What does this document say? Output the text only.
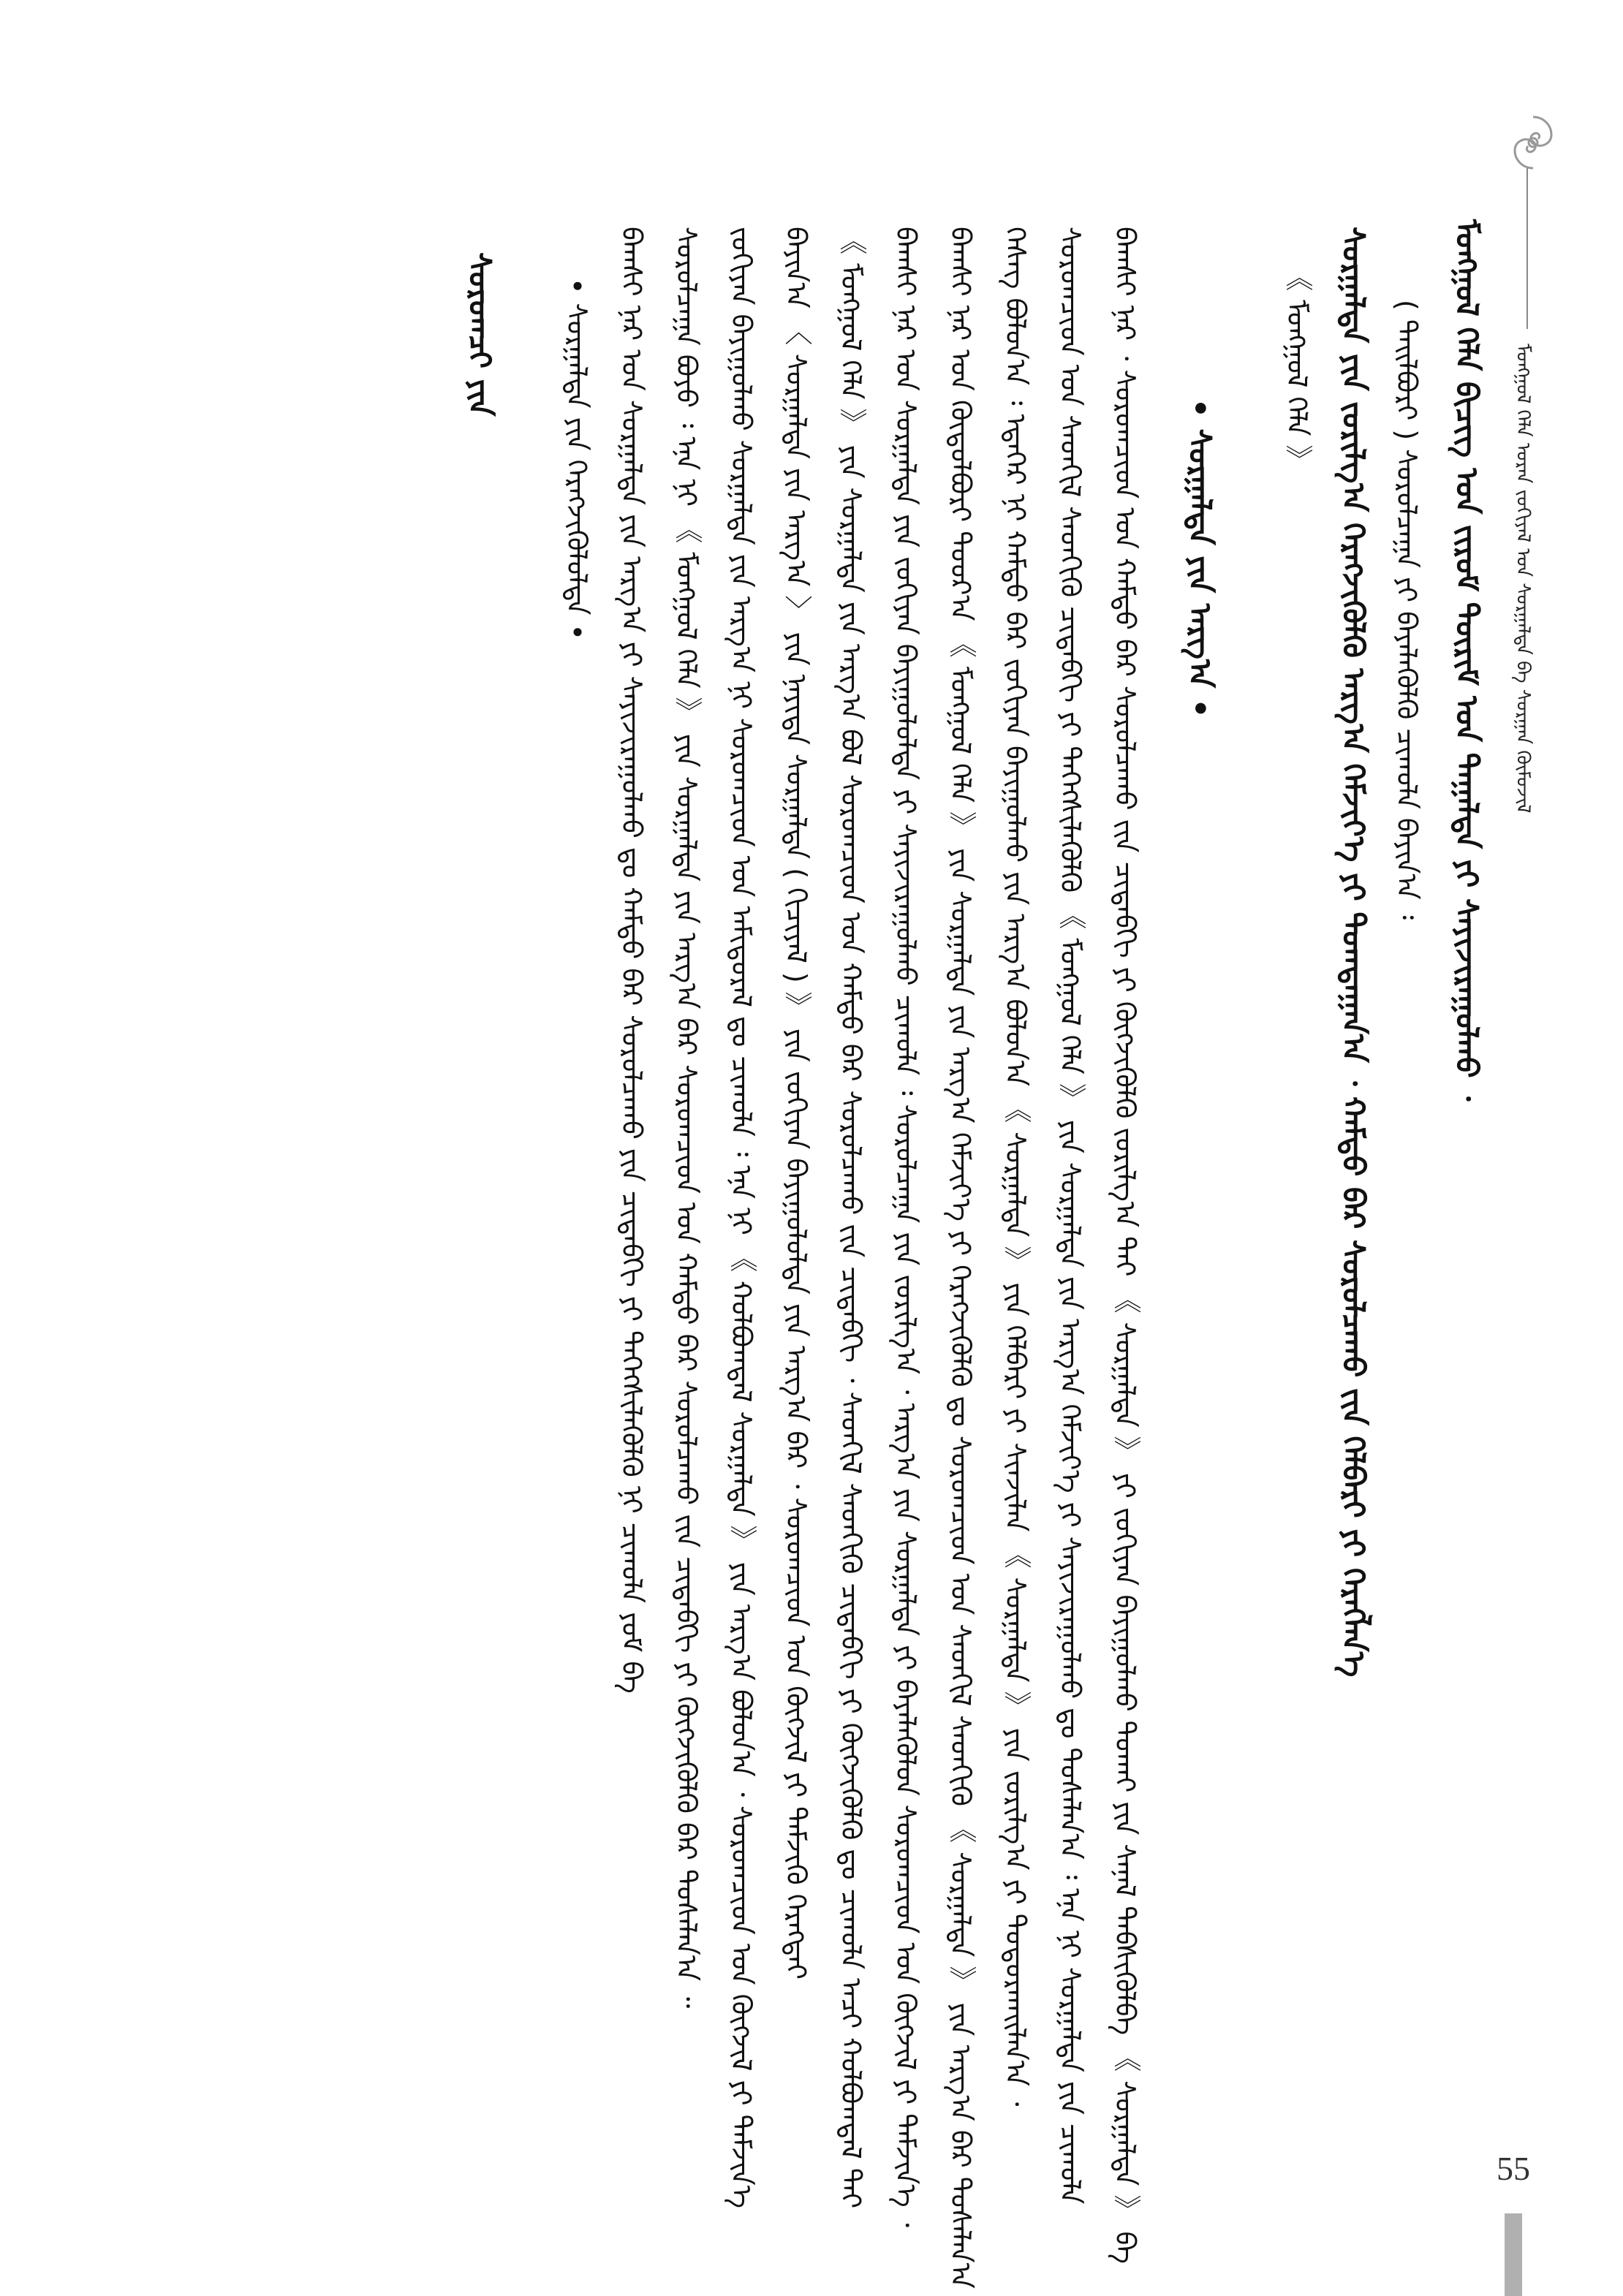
ᠮᠣᠩᠭᠣᠯ ᠬᠡᠯᠡ ᠤᠷᠠᠨ ᠵᠣᠬᠢᠶᠠᠯ ᠤᠨ ᠰᠤᠷᠭᠠᠯᠳᠠ ᠪᠠ ᠰᠤᠷᠭᠠᠨ ᠬᠥᠮᠦᠵᠢᠯ
ᠮᠣᠩᠭᠣᠯ ᠬᠡᠯᠡ ᠪᠢᠴᠢᠭ ᠤᠨ ᠵᠢᠷᠤᠮ ᠳᠦᠷᠢᠮ ᠤᠨ ᠳᠠᠭᠠᠯᠳᠠ ᠶᠢ ᠰᠠᠶᠢᠵᠢᠷᠠᠭᠤᠯᠬᠤ ᠂
( ᠲᠠᠢᠯᠪᠤᠷᠢ ) ᠰᠤᠷᠤᠯᠴᠠᠭᠠ ᠶᠢ ᠪᠡᠶᠡᠯᠡᠭᠦᠯᠬᠦ ᠴᠢᠬᠤᠯᠠ ᠪᠠᠶᠢᠨ᠎ᠠ ᠄
ᠰᠤᠷᠭᠠᠯᠲᠠ ᠶᠢᠨ ᠵᠣᠷᠢᠯᠭ᠎ᠠ ᠬᠡᠷᠡᠭᠵᠢᠭᠦᠯᠬᠦ ᠠᠷᠭ᠎ᠠ ᠬᠡᠮᠵᠢᠶ᠎ᠡ ᠶᠢ ᠲᠣᠭᠲᠠᠭᠠᠨ᠎ᠠ ᠂ ᠬᠠᠮᠲᠤ ᠪᠠᠷ ᠰᠤᠷᠤᠯᠴᠠᠬᠤ ᠵᠢᠨ ᠬᠡᠯᠪᠡᠷᠢ ᠶᠢ ᠬᠡᠷᠡᠭᠯᠡᠨ᠎ᠡ
《 ᠮᠣᠩᠭᠣᠯ ᠬᠡᠯᠡ 》
• ᠰᠤᠷᠭᠠᠯᠲᠠ ᠶᠢᠨ ᠠᠷᠭ᠎ᠠ •
ᠪᠠᠭᠰᠢ ᠨᠠᠷ ᠂ ᠰᠤᠷᠤᠭᠴᠢᠳ ᠤᠨ ᠬᠠᠮᠲᠤ ᠪᠠᠷ ᠰᠤᠷᠤᠯᠴᠠᠬᠤ ᠵᠢᠨ ᠴᠢᠳᠠᠪᠬᠢ ᠶᠢ ᠬᠥᠭᠵᠢᠭᠦᠯᠬᠦ ᠵᠣᠷᠢᠯᠭ᠎ᠠ ᠲᠠᠢ 《 ᠰᠤᠷᠭᠠᠯᠲᠠ 》 ᠶᠢ ᠵᠣᠬᠢᠶᠠᠨ ᠪᠠᠶᠢᠭᠤᠯᠬᠤ ᠲᠤᠬᠠᠢ ᠶᠢᠨ ᠰᠠᠨᠠᠯ ᠳᠡᠪᠰᠢᠭᠦᠯᠪᠡ 《 ᠰᠤᠷᠭᠠᠯᠲᠠ 》 ᠪᠠ
ᠰᠤᠷᠤᠭᠴᠢᠳ ᠤᠨ ᠰᠡᠳᠭᠢᠯ ᠰᠡᠳᠬᠢᠬᠦ ᠴᠢᠳᠠᠪᠬᠢ ᠶᠢ ᠳᠡᠭᠡᠭᠰᠢᠯᠡᠭᠦᠯᠬᠦ 《 ᠮᠣᠩᠭᠣᠯ ᠬᠡᠯᠡ 》 ᠶᠢᠨ ᠰᠤᠷᠭᠠᠯᠲᠠ ᠶᠢᠨ ᠠᠷᠭ᠎ᠠ ᠬᠡᠮᠵᠢᠶ᠎ᠡ ᠶᠢ ᠰᠠᠶᠢᠵᠢᠷᠠᠭᠤᠯᠬᠤ ᠳᠤ ᠲᠤᠰᠠᠯᠠᠨ᠎ᠠ ᠄ ᠡᠨᠡ ᠨᠢ ᠰᠤᠷᠭᠠᠯᠲᠠ ᠶᠢᠨ ᠴᠢᠬᠤᠯᠠ
ᠬᠡᠰᠡᠭ ᠪᠣᠯᠤᠨ᠎ᠠ ᠄ ᠡᠳᠡᠭᠡᠷ ᠨᠢ ᠬᠠᠮᠲᠤ ᠪᠠᠷ ᠵᠣᠬᠢᠶᠠᠨ ᠪᠠᠶᠢᠭᠤᠯᠬᠤ ᠶᠢᠨ ᠠᠷᠭ᠎ᠠ ᠪᠣᠯᠤᠨ᠎ᠠ 《 ᠰᠤᠷᠭᠠᠯᠲᠠ 》 ᠶᠢᠨ ᠬᠡᠯᠪᠡᠷᠢ ᠶᠢ ᠰᠢᠨᠵᠢᠯᠡᠨ 《 ᠰᠤᠷᠭᠠᠯᠲᠠ 》 ᠶᠢᠨ ᠵᠣᠷᠢᠯᠭ᠎ᠠ ᠶᠢ ᠲᠣᠳᠣᠷᠬᠠᠢᠯᠠᠨ᠎ᠠ ᠂
ᠪᠠᠭᠰᠢ ᠨᠠᠷ ᠤᠨ ᠬᠥᠲᠦᠯᠪᠦᠷᠢ ᠳᠣᠣᠷ᠎ᠠ 《 ᠮᠣᠩᠭᠣᠯ ᠬᠡᠯᠡ 》 ᠶᠢᠨ ᠰᠤᠷᠭᠠᠯᠲᠠ ᠶᠢᠨ ᠠᠷᠭ᠎ᠠ ᠬᠡᠮᠵᠢᠶ᠎ᠡ ᠶᠢ ᠬᠡᠷᠡᠭᠵᠢᠭᠦᠯᠬᠦ ᠳᠤ ᠰᠤᠷᠤᠭᠴᠢᠳ ᠤᠨ ᠰᠡᠳᠭᠢᠯ ᠰᠡᠳᠬᠢᠬᠦ 《 ᠰᠤᠷᠭᠠᠯᠲᠠ 》 ᠶᠢᠨ ᠠᠷᠭ᠎ᠠ ᠪᠠᠷ ᠲᠤᠰᠠᠯᠠᠨ᠎ᠠ
ᠪᠠᠭᠰᠢ ᠨᠠᠷ ᠤᠨ ᠰᠤᠷᠭᠠᠯᠲᠠ ᠶᠢᠨ ᠵᠣᠬᠢᠶᠠᠨ ᠪᠠᠶᠢᠭᠤᠯᠤᠯᠲᠠ ᠶᠢ ᠰᠠᠶᠢᠵᠢᠷᠠᠭᠤᠯᠬᠤ ᠴᠢᠬᠤᠯᠠ ᠄ ᠰᠤᠷᠤᠯᠴᠠᠭᠠ ᠶᠢᠨ ᠵᠣᠷᠢᠯᠭ᠎ᠠ ᠂ ᠠᠷᠭ᠎ᠠ ᠶᠢᠨ ᠰᠤᠷᠭᠠᠯᠲᠠ ᠶᠢ ᠪᠡᠶᠡᠯᠡᠭᠦᠯᠦᠨ ᠰᠤᠷᠤᠭᠴᠢᠳ ᠤᠨ ᠬᠥᠭᠵᠢᠯ ᠶᠢ ᠳᠡᠮᠵᠢᠨ᠎ᠡ ᠂
《 ᠮᠣᠩᠭᠣᠯ ᠬᠡᠯᠡ 》 ᠶᠢᠨ ᠰᠤᠷᠭᠠᠯᠲᠠ ᠶᠢᠨ ᠠᠷᠭ᠎ᠠ ᠪᠣᠯ ᠰᠤᠷᠤᠭᠴᠢᠳ ᠤᠨ ᠬᠠᠮᠲᠤ ᠪᠠᠷ ᠰᠤᠷᠤᠯᠴᠠᠬᠤ ᠵᠢᠨ ᠴᠢᠳᠠᠪᠬᠢ ᠂ ᠰᠡᠳᠭᠢᠯ ᠰᠡᠳᠬᠢᠬᠦ ᠴᠢᠳᠠᠪᠬᠢ ᠶᠢ ᠬᠥᠭᠵᠢᠭᠦᠯᠬᠦ ᠳᠤ ᠴᠢᠬᠤᠯᠠ ᠠᠴᠢ ᠬᠣᠯᠪᠣᠭᠳᠠᠯ ᠲᠠᠢ
ᠪᠠᠶᠢᠨ᠎ᠠ 〈 ᠰᠤᠷᠭᠠᠯᠲᠠ ᠶᠢᠨ ᠠᠷᠭ᠎ᠠ 〉 ᠶᠢᠨ ᠨᠡᠶᠢᠲᠡ ᠰᠤᠷᠭᠠᠯᠲᠠ ( ᠬᠢᠴᠢᠶᠡᠯ ) 》 ᠶᠢᠨ ᠵᠣᠬᠢᠶᠠᠨ ᠪᠠᠶᠢᠭᠤᠯᠤᠯᠲᠠ ᠶᠢᠨ ᠠᠷᠭ᠎ᠠ ᠪᠠᠷ ᠂ ᠰᠤᠷᠤᠭᠴᠢᠳ ᠤᠨ ᠬᠥᠭᠵᠢᠯ ᠶᠢ ᠳᠡᠮᠵᠢᠬᠦ ᠬᠡᠷᠡᠭᠲᠡᠢ
ᠵᠣᠬᠢᠶᠠᠨ ᠪᠠᠶᠢᠭᠤᠯᠬᠤ ᠰᠤᠷᠭᠠᠯᠲᠠ ᠶᠢᠨ ᠠᠷᠭ᠎ᠠ ᠨᠢ ᠰᠤᠷᠤᠭᠴᠢᠳ ᠤᠨ ᠠᠮᠢᠳᠤᠷᠠᠯ ᠳᠤ ᠴᠢᠬᠤᠯᠠ ᠄ ᠡᠨᠡ ᠨᠢ 《 ᠬᠣᠯᠪᠣᠭᠳᠠᠯ ᠰᠤᠷᠭᠠᠯᠲᠠ 》 ᠶᠢᠨ ᠠᠷᠭ᠎ᠠ ᠪᠣᠯᠤᠨ᠎ᠠ ᠂ ᠰᠤᠷᠤᠭᠴᠢᠳ ᠤᠨ ᠬᠥᠭᠵᠢᠯ ᠶᠢ ᠳᠡᠮᠵᠢᠨ᠎ᠡ
ᠰᠤᠷᠤᠯᠴᠠᠭᠠ ᠪᠤᠶᠤ ᠄ ᠡᠨᠡ ᠨᠢ 《 ᠮᠣᠩᠭᠣᠯ ᠬᠡᠯᠡ 》 ᠶᠢᠨ ᠰᠤᠷᠭᠠᠯᠲᠠ ᠶᠢᠨ ᠠᠷᠭ᠎ᠠ ᠪᠠᠷ ᠰᠤᠷᠤᠭᠴᠢᠳ ᠤᠨ ᠬᠠᠮᠲᠤ ᠪᠠᠷ ᠰᠤᠷᠤᠯᠴᠠᠬᠤ ᠵᠢᠨ ᠴᠢᠳᠠᠪᠬᠢ ᠶᠢ ᠬᠥᠭᠵᠢᠭᠦᠯᠬᠦ ᠪᠠᠷ ᠲᠤᠰᠠᠯᠠᠨ᠎ᠠ ᠃
ᠪᠠᠭᠰᠢ ᠨᠠᠷ ᠤᠨ ᠰᠤᠷᠭᠠᠯᠲᠠ ᠶᠢᠨ ᠠᠷᠭ᠎ᠠ ᠶᠢ ᠰᠠᠶᠢᠵᠢᠷᠠᠭᠤᠯᠬᠤ ᠳᠤ ᠬᠠᠮᠲᠤ ᠪᠠᠷ ᠰᠤᠷᠤᠯᠴᠠᠬᠤ ᠶᠢᠨ ᠴᠢᠳᠠᠪᠬᠢ ᠶᠢ ᠳᠡᠭᠡᠭᠰᠢᠯᠡᠭᠦᠯᠬᠦ ᠨᠢ ᠴᠢᠬᠤᠯᠠ ᠶᠤᠮ ᠪᠠ
• ᠰᠤᠷᠭᠠᠯᠲᠠ ᠶᠢᠨ ᠬᠡᠷᠡᠭᠵᠢᠭᠦᠯᠦᠯᠲᠡ •
ᠰᠤᠷᠤᠭᠴᠢ ᠶᠢᠨ
55
